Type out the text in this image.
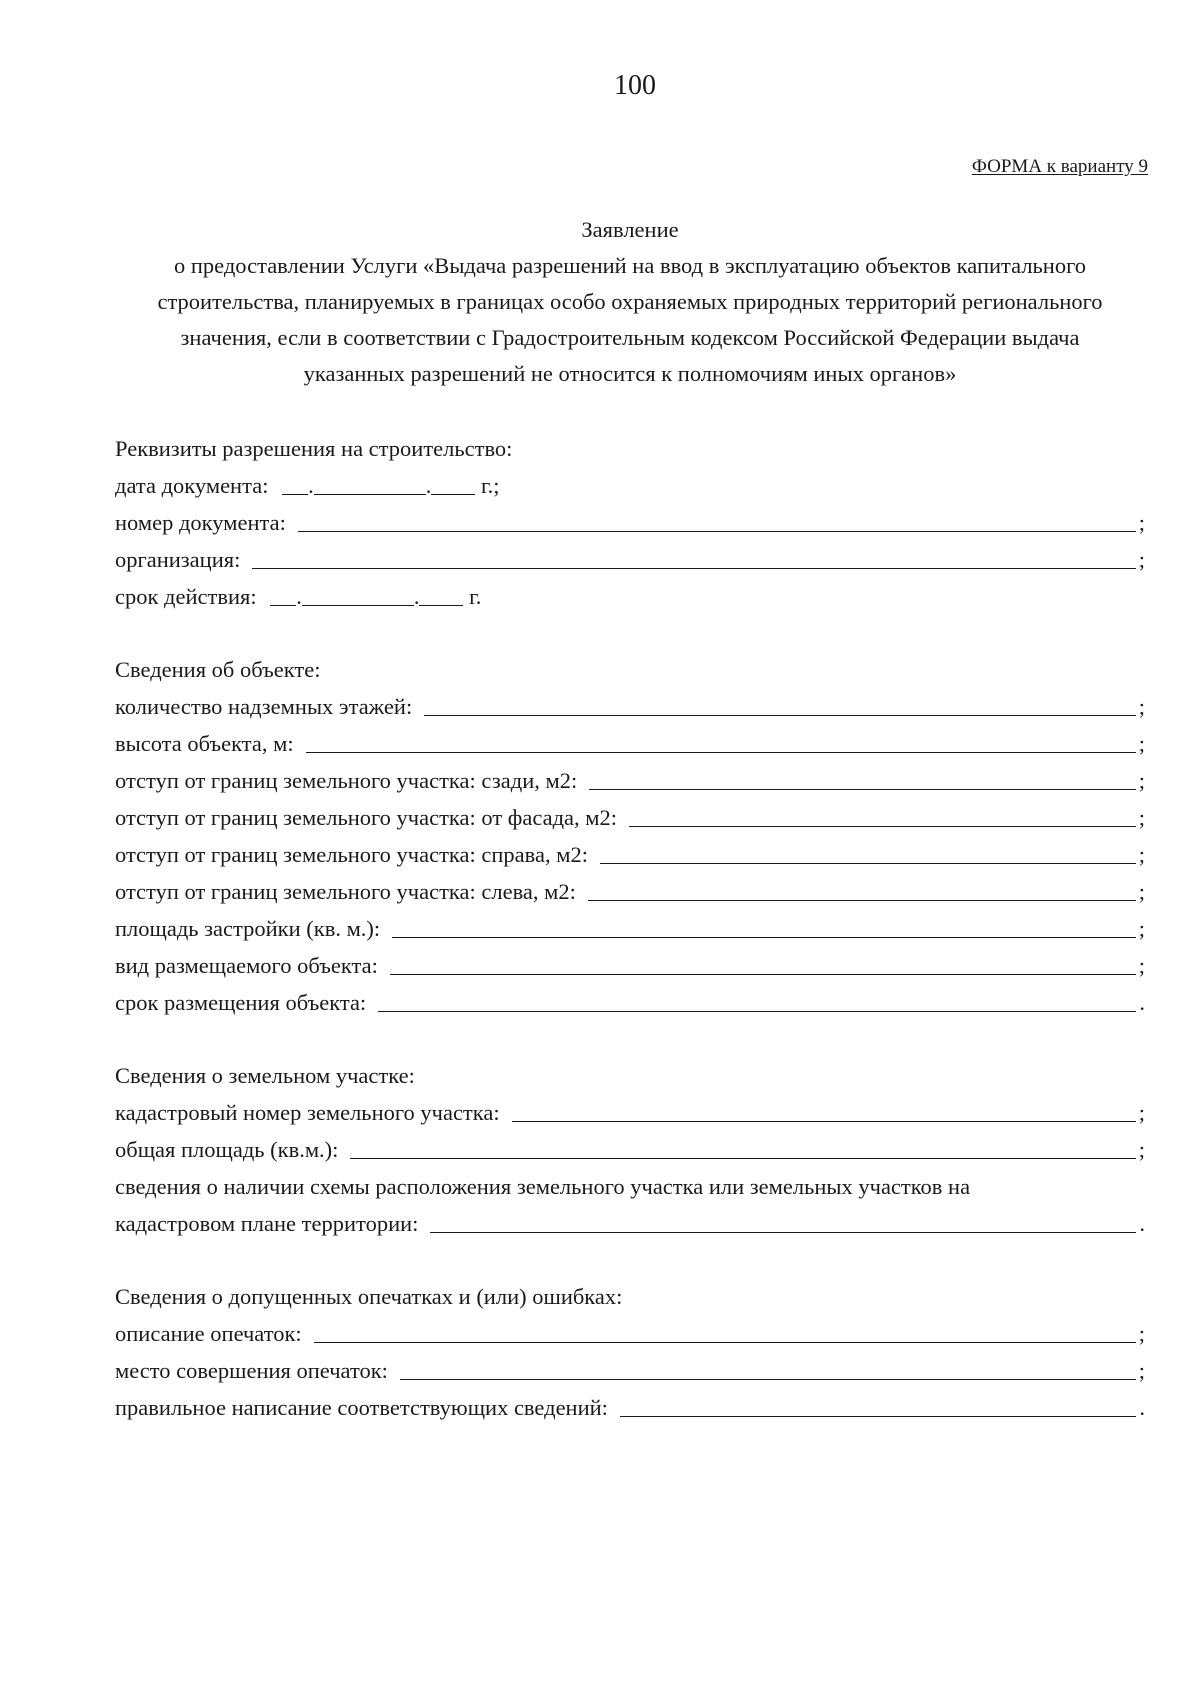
100
ФОРМА к варианту 9
Заявление
о предоставлении Услуги «Выдача разрешений на ввод в эксплуатацию объектов капитального
строительства, планируемых в границах особо охраняемых природных территорий регионального
значения, если в соответствии с Градостроительным кодексом Российской Федерации выдача
указанных разрешений не относится к полномочиям иных органов»
Реквизиты разрешения на строительство:
дата документа: .	. г.;
номер документа:	;
организация:	;
срок действия: .	. г.
Сведения об объекте:
количество надземных этажей:	;
высота объекта, м:	;
отступ от границ земельного участка: сзади, м2:	;
отступ от границ земельного участка: от фасада, м2:	;
отступ от границ земельного участка: справа, м2:	;
отступ от границ земельного участка: слева, м2:	;
площадь застройки (кв. м.):	;
вид размещаемого объекта:	;
срок размещения объекта:	.
Сведения о земельном участке:
кадастровый номер земельного участка:	;
общая площадь (кв.м.):	;
сведения о наличии схемы расположения земельного участка или земельных участков на
кадастровом плане территории:	.
Сведения о допущенных опечатках и (или) ошибках:
описание опечаток:	;
место совершения опечаток:	;
правильное написание соответствующих сведений:	.
